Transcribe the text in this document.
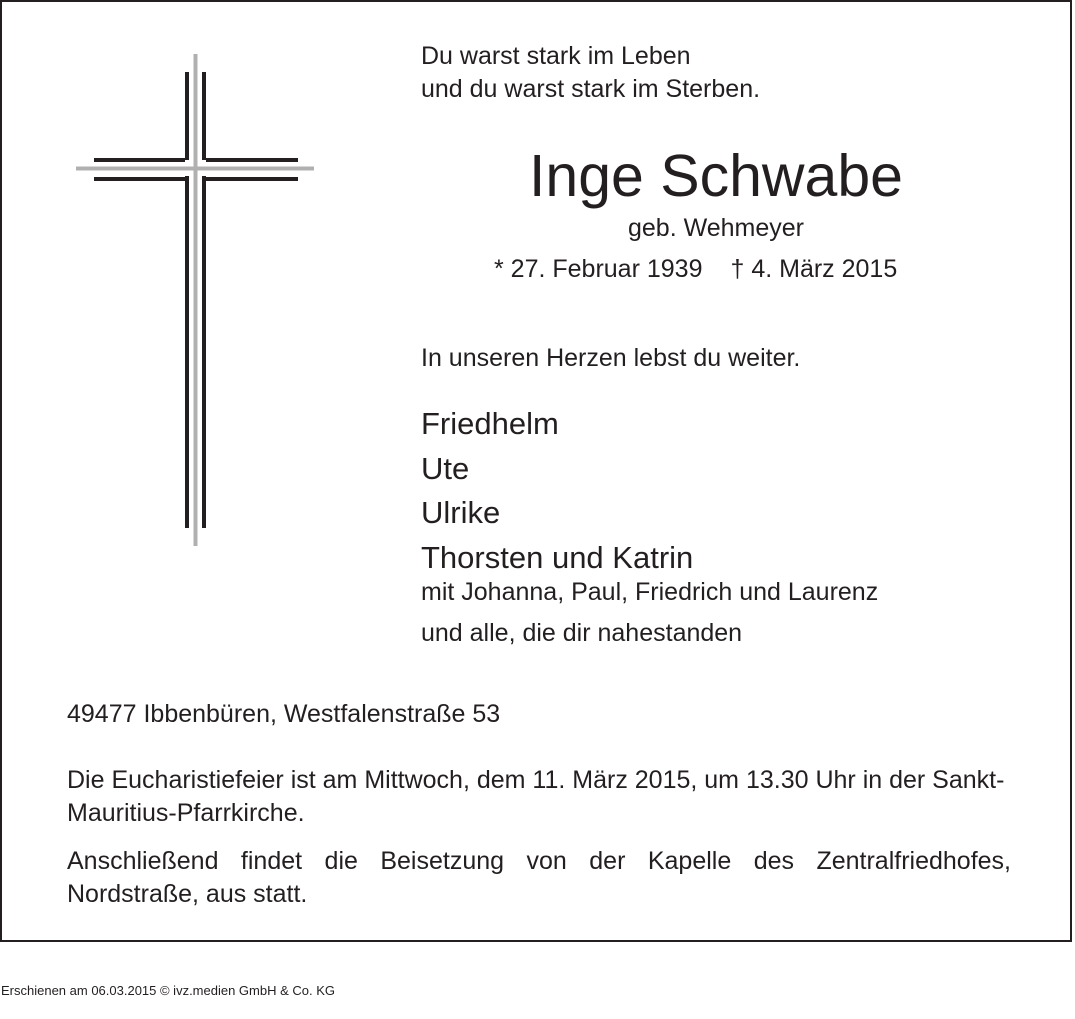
Du warst stark im Leben
und du warst stark im Sterben.

Inge Schwabe

geb. Wehmeyer

* 27. Februar 1939 † 4. März 2015

In unseren Herzen lebst du weiter.

Friedhelm
Ute
Ulrike
Thorsten und Katrin

mit Johanna, Paul, Friedrich und Laurenz

und alle, die dir nahestanden

49477 Ibbenbüren, Westfalenstraße 53

Die Eucharistiefeier ist am Mittwoch, dem 11. März 2015, um 13.30 Uhr in der Sankt-Mauritius-Pfarrkirche.

Anschließend findet die Beisetzung von der Kapelle des Zentralfriedhofes, Nordstraße, aus statt.

Erschienen am 06.03.2015 © ivz.medien GmbH & Co. KG
